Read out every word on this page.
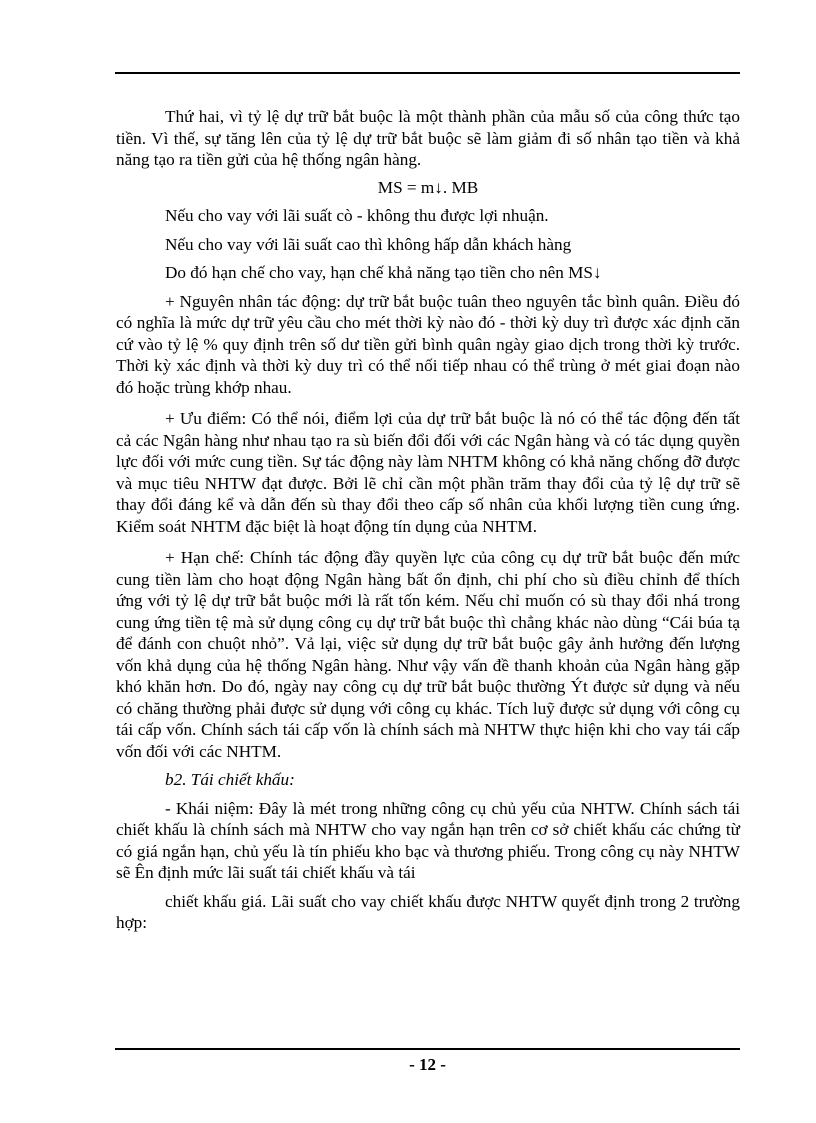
Thứ hai, vì tỷ lệ dự trữ bắt buộc là một thành phần của mẫu số của công thức tạo tiền. Vì thế, sự tăng lên của tỷ lệ dự trữ bắt buộc sẽ làm giảm đi số nhân tạo tiền và khả năng tạo ra tiền gửi của hệ thống ngân hàng.

MS = m↓. MB

Nếu cho vay với lãi suất cò - không thu được lợi nhuận.

Nếu cho vay với lãi suất cao thì không hấp dẫn khách hàng

Do đó hạn chế cho vay, hạn chế khả năng tạo tiền cho nên MS↓

+ Nguyên nhân tác động: dự trữ bắt buộc tuân theo nguyên tắc bình quân. Điều đó có nghĩa là mức dự trữ yêu cầu cho mét thời kỳ nào đó - thời kỳ duy trì được xác định căn cứ vào tỷ lệ % quy định trên số dư tiền gửi bình quân ngày giao dịch trong thời kỳ trước. Thời kỳ xác định và thời kỳ duy trì có thể nối tiếp nhau có thể trùng ở mét giai đoạn nào đó hoặc trùng khớp nhau.

+ Ưu điểm: Có thể nói, điểm lợi của dự trữ bắt buộc là nó có thể tác động đến tất cả các Ngân hàng như nhau tạo ra sù biến đổi đối với các Ngân hàng và có tác dụng quyền lực đối với mức cung tiền. Sự tác động này làm NHTM không có khả năng chống đỡ được và mục tiêu NHTW đạt được. Bởi lẽ chỉ cần một phần trăm thay đổi của tỷ lệ dự trữ sẽ thay đổi đáng kể và dẫn đến sù thay đổi theo cấp số nhân của khối lượng tiền cung ứng. Kiểm soát NHTM đặc biệt là hoạt động tín dụng của NHTM.

+ Hạn chế: Chính tác động đầy quyền lực của công cụ dự trữ bắt buộc đến mức cung tiền làm cho hoạt động Ngân hàng bất ổn định, chi phí cho sù điều chỉnh để thích ứng với tỷ lệ dự trữ bắt buộc mới là rất tốn kém. Nếu chỉ muốn có sù thay đổi nhá trong cung ứng tiền tệ mà sử dụng công cụ dự trữ bắt buộc thì chẳng khác nào dùng “Cái búa tạ để đánh con chuột nhỏ”. Vả lại, việc sử dụng dự trữ bắt buộc gây ảnh hưởng đến lượng vốn khả dụng của hệ thống Ngân hàng. Như vậy vấn đề thanh khoản của Ngân hàng gặp khó khăn hơn. Do đó, ngày nay công cụ dự trữ bắt buộc thường Ýt được sử dụng và nếu có chăng thường phải được sử dụng với công cụ khác. Tích luỹ được sử dụng với công cụ tái cấp vốn. Chính sách tái cấp vốn là chính sách mà NHTW thực hiện khi cho vay tái cấp vốn đối với các NHTM.

b2. Tái chiết khấu:

- Khái niệm: Đây là mét trong những công cụ chủ yếu của NHTW. Chính sách tái chiết khấu là chính sách mà NHTW cho vay ngắn hạn trên cơ sở chiết khấu các chứng từ có giá ngắn hạn, chủ yếu là tín phiếu kho bạc và thương phiếu. Trong công cụ này NHTW sẽ Ên định mức lãi suất tái chiết khấu và tái

chiết khấu giá. Lãi suất cho vay chiết khấu được NHTW quyết định trong 2 trường hợp:

- 12 -
